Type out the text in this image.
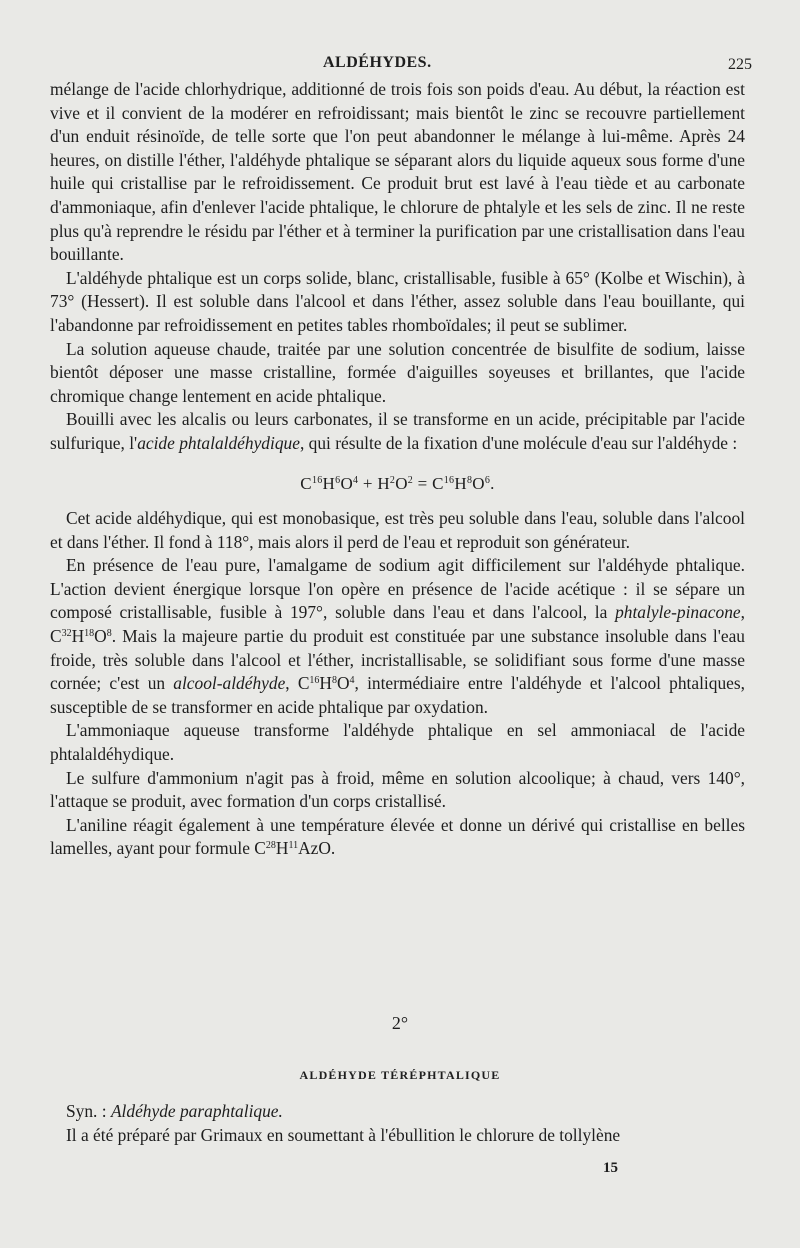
ALDÉHYDES.	225

mélange de l'acide chlorhydrique, additionné de trois fois son poids d'eau. Au début, la réaction est vive et il convient de la modérer en refroidissant; mais bientôt le zinc se recouvre partiellement d'un enduit résinoïde, de telle sorte que l'on peut abandonner le mélange à lui-même. Après 24 heures, on distille l'éther, l'aldéhyde phtalique se séparant alors du liquide aqueux sous forme d'une huile qui cristallise par le refroidissement. Ce produit brut est lavé à l'eau tiède et au carbonate d'ammoniaque, afin d'enlever l'acide phtalique, le chlorure de phtalyle et les sels de zinc. Il ne reste plus qu'à reprendre le résidu par l'éther et à terminer la purification par une cristallisation dans l'eau bouillante.

L'aldéhyde phtalique est un corps solide, blanc, cristallisable, fusible à 65° (Kolbe et Wischin), à 73° (Hessert). Il est soluble dans l'alcool et dans l'éther, assez soluble dans l'eau bouillante, qui l'abandonne par refroidissement en petites tables rhomboïdales; il peut se sublimer.

La solution aqueuse chaude, traitée par une solution concentrée de bisulfite de sodium, laisse bientôt déposer une masse cristalline, formée d'aiguilles soyeuses et brillantes, que l'acide chromique change lentement en acide phtalique.

Bouilli avec les alcalis ou leurs carbonates, il se transforme en un acide, précipitable par l'acide sulfurique, l'acide phtalaldéhydique, qui résulte de la fixation d'une molécule d'eau sur l'aldéhyde :

$C^{16}H^6O^4 + H^2O^2 = C^{16}H^8O^6$.

Cet acide aldéhydique, qui est monobasique, est très peu soluble dans l'eau, soluble dans l'alcool et dans l'éther. Il fond à 118°, mais alors il perd de l'eau et reproduit son générateur.

En présence de l'eau pure, l'amalgame de sodium agit difficilement sur l'aldéhyde phtalique. L'action devient énergique lorsque l'on opère en présence de l'acide acétique : il se sépare un composé cristallisable, fusible à 197°, soluble dans l'eau et dans l'alcool, la phtalyle-pinacone, $C^{32}H^{18}O^8$. Mais la majeure partie du produit est constituée par une substance insoluble dans l'eau froide, très soluble dans l'alcool et l'éther, incristallisable, se solidifiant sous forme d'une masse cornée; c'est un alcool-aldéhyde, $C^{16}H^8O^4$, intermédiaire entre l'aldéhyde et l'alcool phtaliques, susceptible de se transformer en acide phtalique par oxydation.

L'ammoniaque aqueuse transforme l'aldéhyde phtalique en sel ammoniacal de l'acide phtalaldéhydique.

Le sulfure d'ammonium n'agit pas à froid, même en solution alcoolique; à chaud, vers 140°, l'attaque se produit, avec formation d'un corps cristallisé.

L'aniline réagit également à une température élevée et donne un dérivé qui cristallise en belles lamelles, ayant pour formule $C^{28}H^{11}AzO$.

2°
ALDÉHYDE TÉRÉPHTALIQUE

Syn. : Aldéhyde paraphtalique.

Il a été préparé par Grimaux en soumettant à l'ébullition le chlorure de tollylène

15
